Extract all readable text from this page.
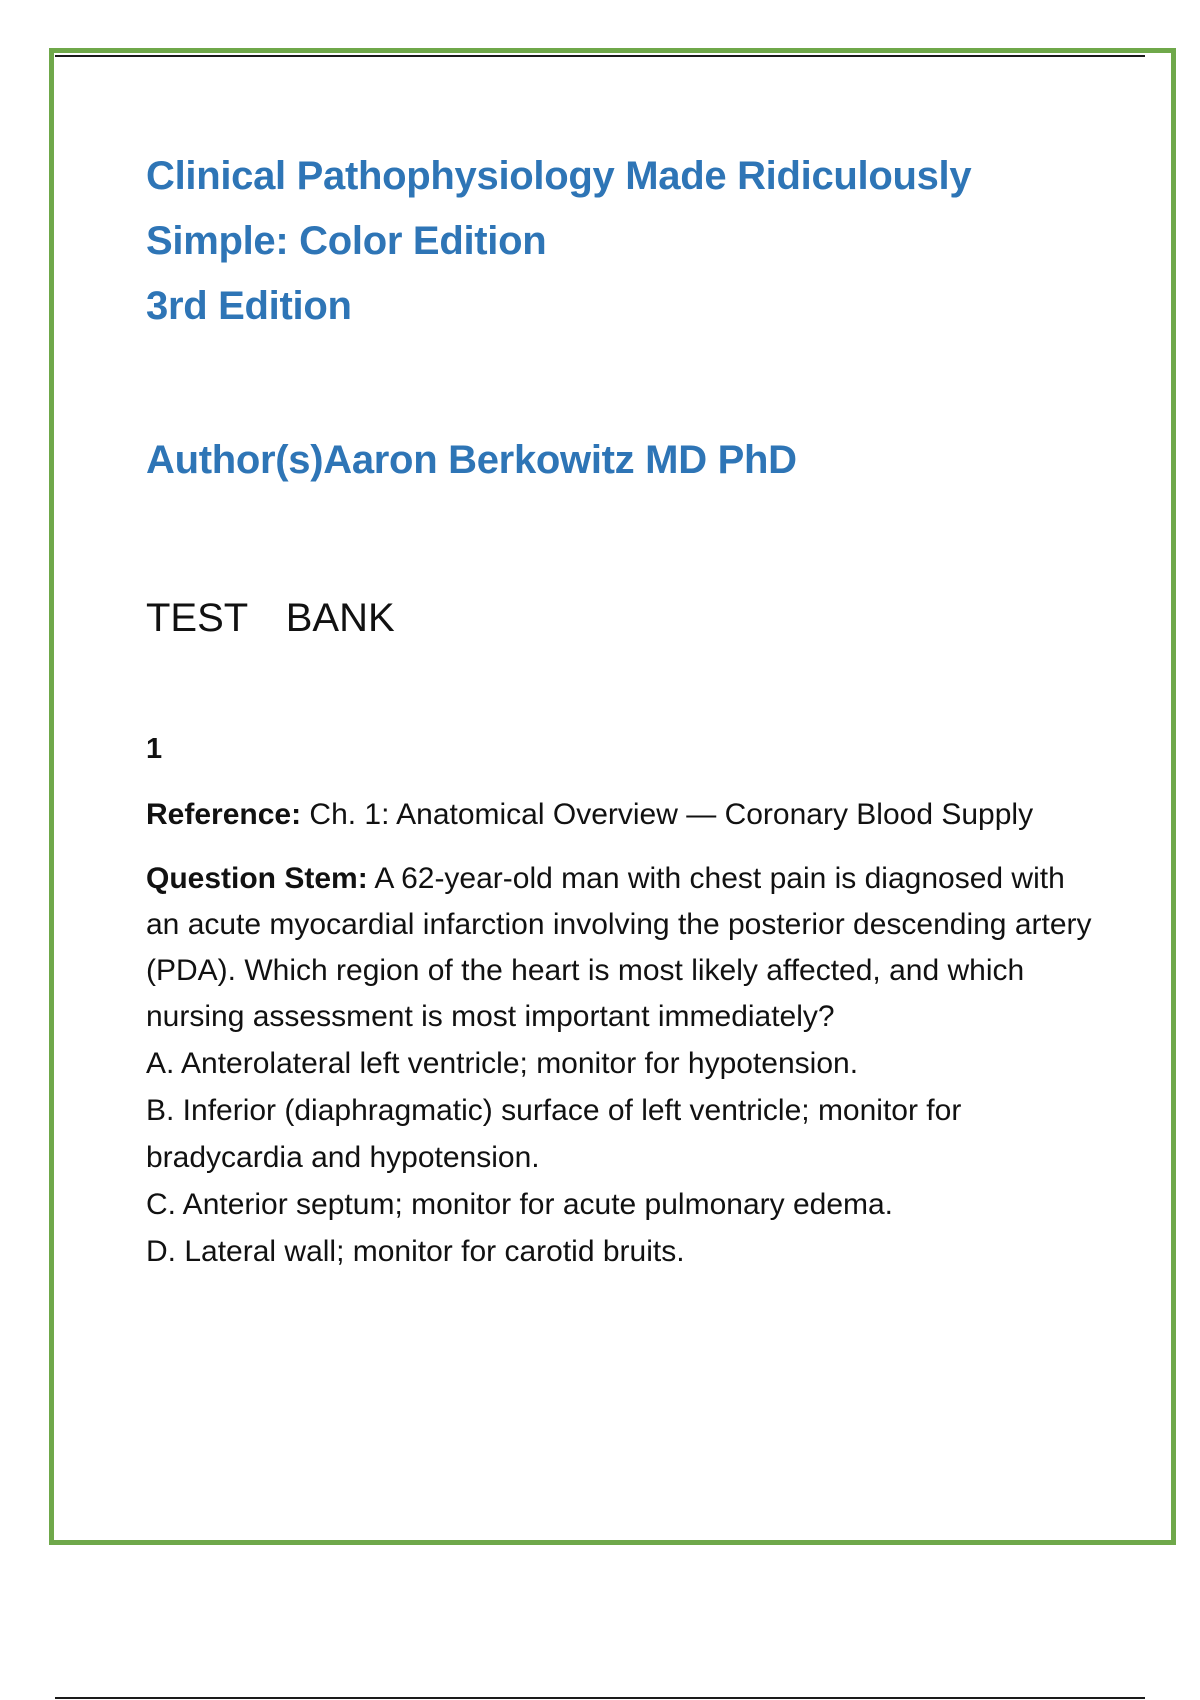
Clinical Pathophysiology Made Ridiculously Simple: Color Edition
3rd Edition
Author(s)Aaron Berkowitz MD PhD
TEST  BANK
1

Reference: Ch. 1: Anatomical Overview — Coronary Blood Supply

Question Stem: A 62-year-old man with chest pain is diagnosed with an acute myocardial infarction involving the posterior descending artery (PDA). Which region of the heart is most likely affected, and which nursing assessment is most important immediately?

A. Anterolateral left ventricle; monitor for hypotension.
B. Inferior (diaphragmatic) surface of left ventricle; monitor for bradycardia and hypotension.
C. Anterior septum; monitor for acute pulmonary edema.
D. Lateral wall; monitor for carotid bruits.
